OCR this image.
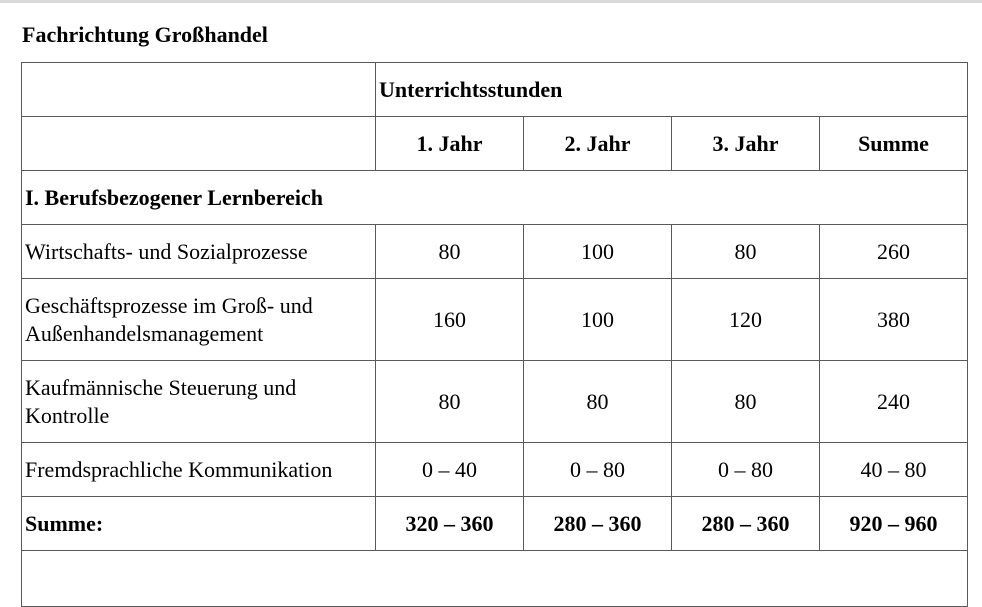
Fachrichtung Großhandel
	Unterrichtsstunden			
	1. Jahr	2. Jahr	3. Jahr	Summe
I. Berufsbezogener Lernbereich				
Wirtschafts- und Sozialprozesse	80	100	80	260
Geschäftsprozesse im Groß- und Außenhandelsmanagement	160	100	120	380
Kaufmännische Steuerung und Kontrolle	80	80	80	240
Fremdsprachliche Kommunikation	0 – 40	0 – 80	0 – 80	40 – 80
Summe:	320 – 360	280 – 360	280 – 360	920 – 960
